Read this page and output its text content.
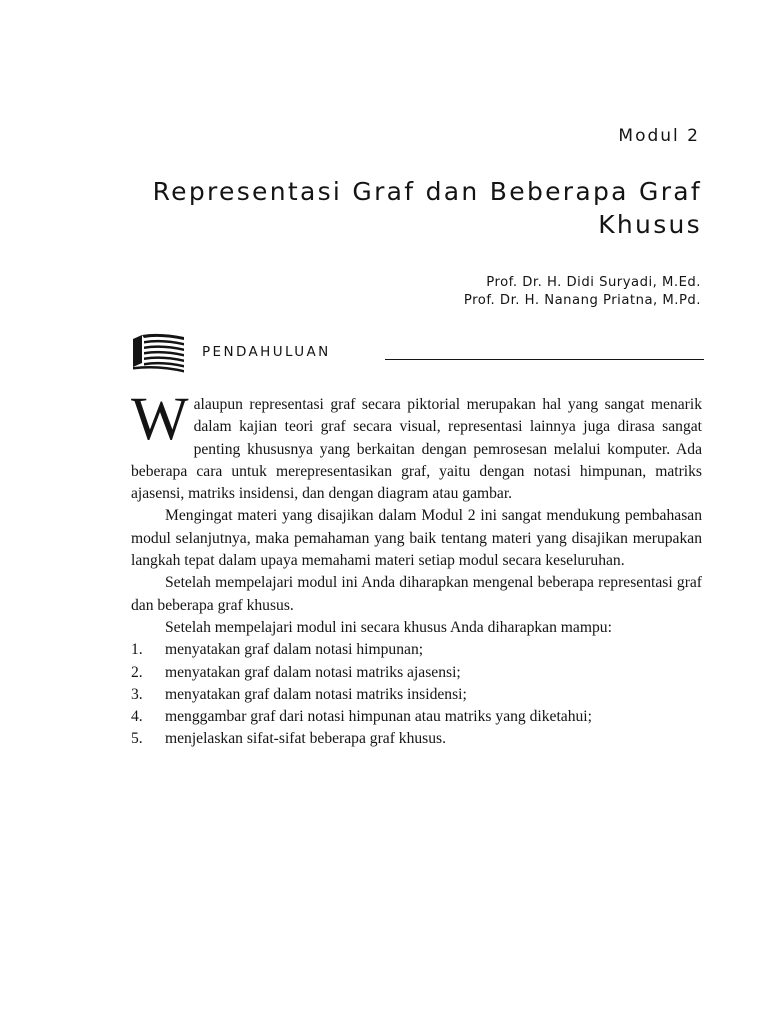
Modul 2
Representasi Graf dan Beberapa Graf Khusus
Prof. Dr. H. Didi Suryadi, M.Ed.
Prof. Dr. H. Nanang Priatna, M.Pd.
PENDAHULUAN

Walaupun representasi graf secara piktorial merupakan hal yang sangat menarik dalam kajian teori graf secara visual, representasi lainnya juga dirasa sangat penting khususnya yang berkaitan dengan pemrosesan melalui komputer. Ada beberapa cara untuk merepresentasikan graf, yaitu dengan notasi himpunan, matriks ajasensi, matriks insidensi, dan dengan diagram atau gambar.

Mengingat materi yang disajikan dalam Modul 2 ini sangat mendukung pembahasan modul selanjutnya, maka pemahaman yang baik tentang materi yang disajikan merupakan langkah tepat dalam upaya memahami materi setiap modul secara keseluruhan.

Setelah mempelajari modul ini Anda diharapkan mengenal beberapa representasi graf dan beberapa graf khusus.

Setelah mempelajari modul ini secara khusus Anda diharapkan mampu:

1. menyatakan graf dalam notasi himpunan;
2. menyatakan graf dalam notasi matriks ajasensi;
3. menyatakan graf dalam notasi matriks insidensi;
4. menggambar graf dari notasi himpunan atau matriks yang diketahui;
5. menjelaskan sifat-sifat beberapa graf khusus.
